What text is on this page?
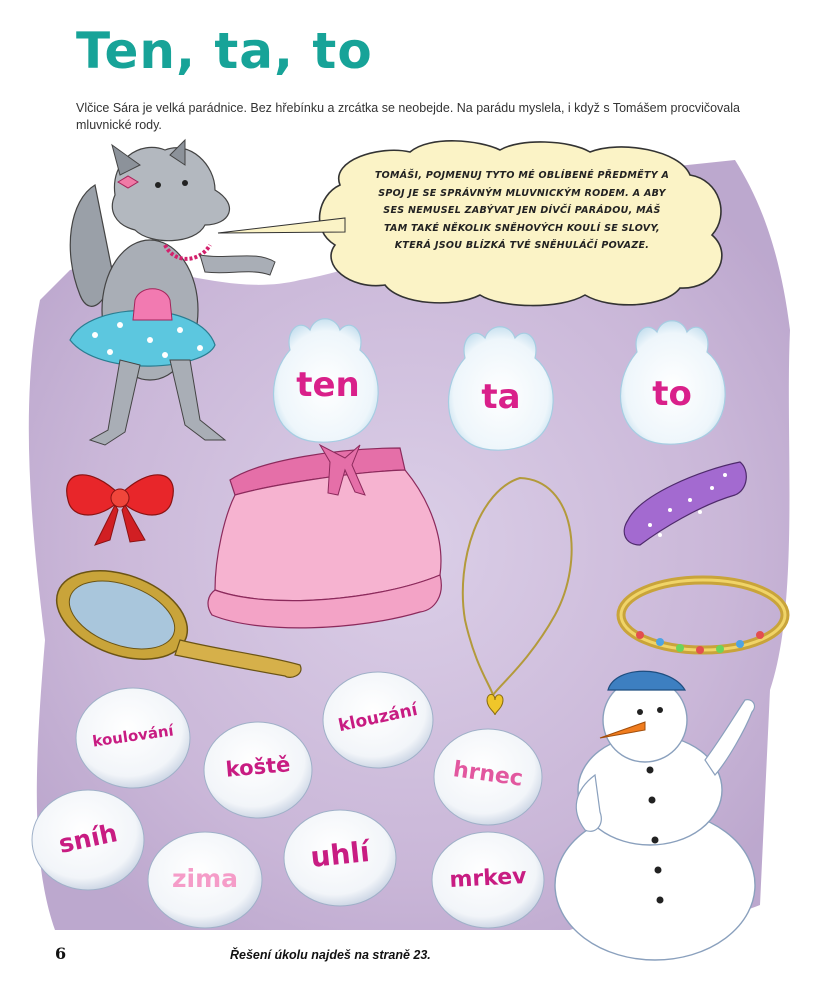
Ten, ta, to
Vlčice Sára je velká parádnice. Bez hřebínku a zrcátka se neobejde. Na parádu myslela, i když s Tomášem procvičovala mluvnické rody.
TOMÁŠI, POJMENUJ TYTO MÉ OBLÍBENÉ PŘEDMĚTY A SPOJ JE SE SPRÁVNÝM MLUVNICKÝM RODEM. A ABY SES NEMUSEL ZABÝVAT JEN DÍVČÍ PARÁDOU, MÁŠ TAM TAKÉ NĚKOLIK SNĚHOVÝCH KOULÍ SE SLOVY, KTERÁ JSOU BLÍZKÁ TVÉ SNĚHULÁČÍ POVAZE.
ten	ta	to
koulování
koště
klouzání
hrnec
sníh
zima
uhlí
mrkev
6	Řešení úkolu najdeš na straně 23.
